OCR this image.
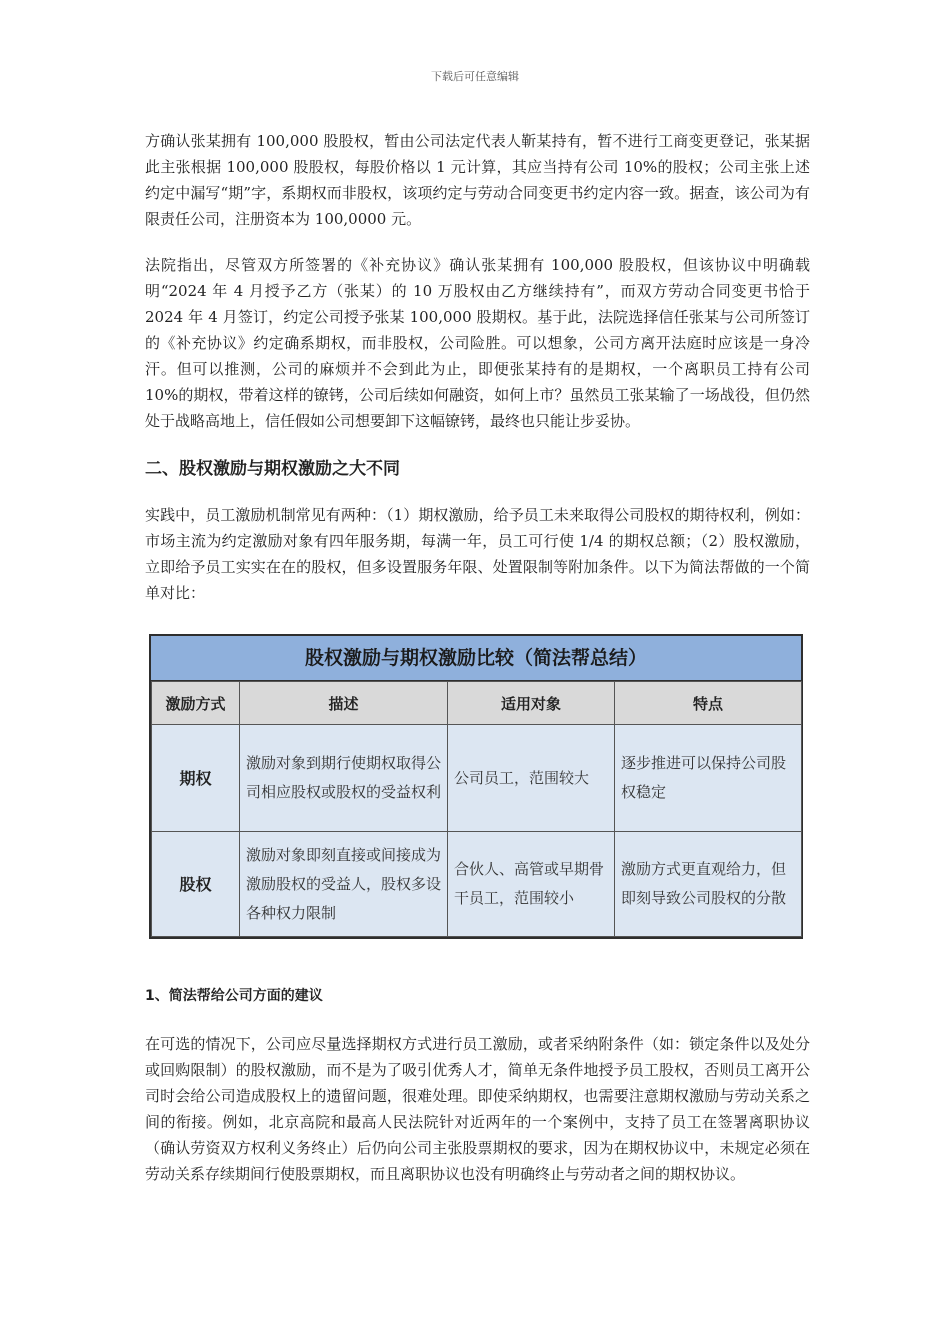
下载后可任意编辑

方确认张某拥有 100,000 股股权，暂由公司法定代表人靳某持有，暂不进行工商变更登记，张某据此主张根据 100,000 股股权，每股价格以 1 元计算，其应当持有公司 10%的股权；公司主张上述约定中漏写“期”字，系期权而非股权，该项约定与劳动合同变更书约定内容一致。据查，该公司为有限责任公司，注册资本为 100,0000 元。

法院指出，尽管双方所签署的《补充协议》确认张某拥有 100,000 股股权，但该协议中明确载明“2024 年 4 月授予乙方（张某）的 10 万股权由乙方继续持有”，而双方劳动合同变更书恰于 2024 年 4 月签订，约定公司授予张某 100,000 股期权。基于此，法院选择信任张某与公司所签订的《补充协议》约定确系期权，而非股权，公司险胜。可以想象，公司方离开法庭时应该是一身冷汗。但可以推测，公司的麻烦并不会到此为止，即便张某持有的是期权，一个离职员工持有公司 10%的期权，带着这样的镣铐，公司后续如何融资，如何上市？虽然员工张某输了一场战役，但仍然处于战略高地上，信任假如公司想要卸下这幅镣铐，最终也只能让步妥协。

二、股权激励与期权激励之大不同

实践中，员工激励机制常见有两种：（1）期权激励，给予员工未来取得公司股权的期待权利，例如：市场主流为约定激励对象有四年服务期，每满一年，员工可行使 1/4 的期权总额；（2）股权激励，立即给予员工实实在在的股权，但多设置服务年限、处置限制等附加条件。以下为简法帮做的一个简单对比：

股权激励与期权激励比较（简法帮总结）
激励方式	描述	适用对象	特点
期权	激励对象到期行使期权取得公司相应股权或股权的受益权利	公司员工，范围较大	逐步推进可以保持公司股权稳定
股权	激励对象即刻直接或间接成为激励股权的受益人，股权多设各种权力限制	合伙人、高管或早期骨干员工，范围较小	激励方式更直观给力，但即刻导致公司股权的分散
1、简法帮给公司方面的建议

在可选的情况下，公司应尽量选择期权方式进行员工激励，或者采纳附条件（如：锁定条件以及处分或回购限制）的股权激励，而不是为了吸引优秀人才，简单无条件地授予员工股权，否则员工离开公司时会给公司造成股权上的遗留问题，很难处理。即使采纳期权，也需要注意期权激励与劳动关系之间的衔接。例如，北京高院和最高人民法院针对近两年的一个案例中，支持了员工在签署离职协议（确认劳资双方权利义务终止）后仍向公司主张股票期权的要求，因为在期权协议中，未规定必须在劳动关系存续期间行使股票期权，而且离职协议也没有明确终止与劳动者之间的期权协议。
